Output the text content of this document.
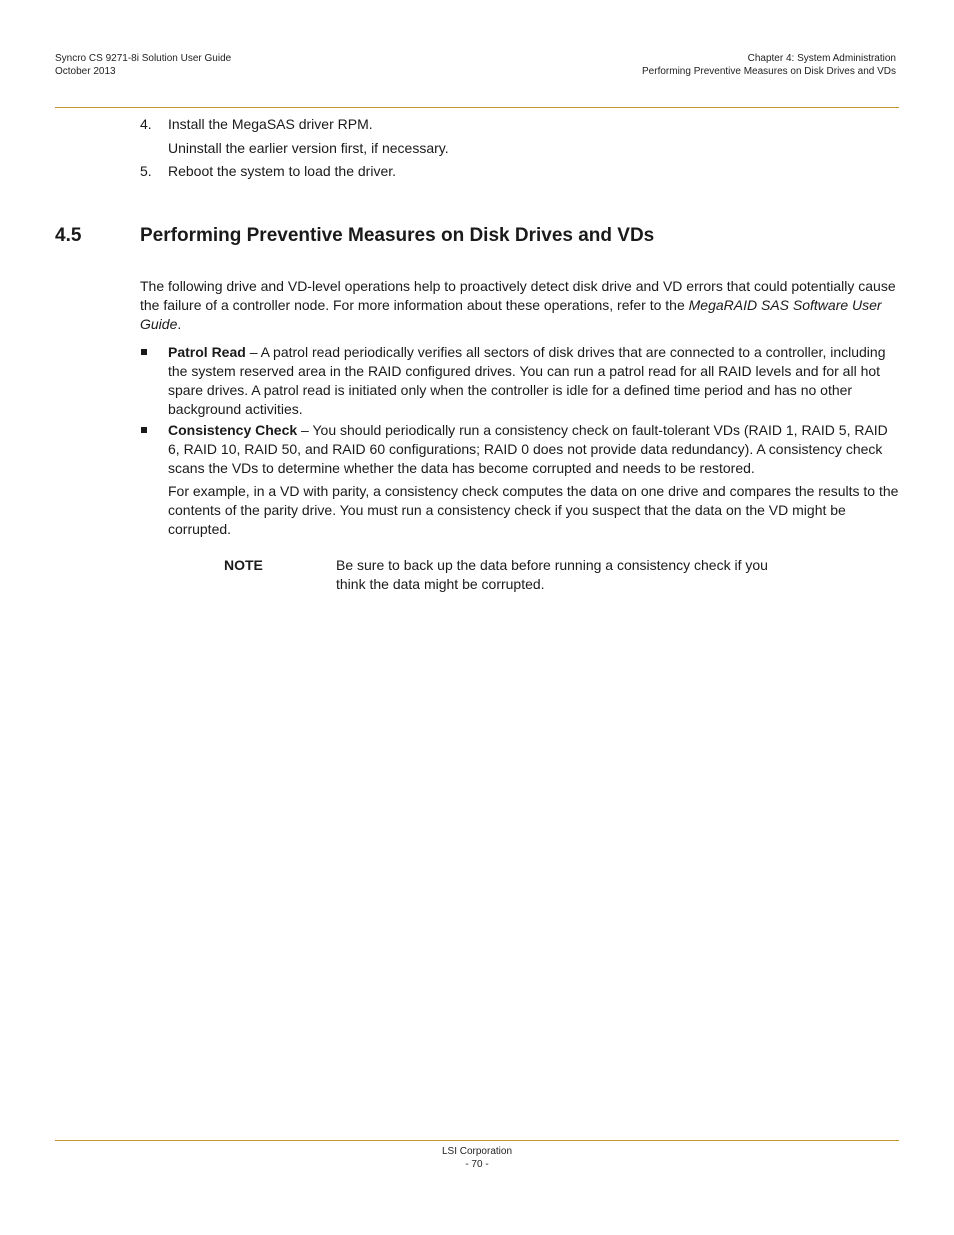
Syncro CS 9271-8i Solution User Guide
October 2013
Chapter 4: System Administration
Performing Preventive Measures on Disk Drives and VDs
4. Install the MegaSAS driver RPM.
Uninstall the earlier version first, if necessary.
5. Reboot the system to load the driver.
4.5	Performing Preventive Measures on Disk Drives and VDs
The following drive and VD-level operations help to proactively detect disk drive and VD errors that could potentially cause the failure of a controller node. For more information about these operations, refer to the MegaRAID SAS Software User Guide.
Patrol Read – A patrol read periodically verifies all sectors of disk drives that are connected to a controller, including the system reserved area in the RAID configured drives. You can run a patrol read for all RAID levels and for all hot spare drives. A patrol read is initiated only when the controller is idle for a defined time period and has no other background activities.
Consistency Check – You should periodically run a consistency check on fault-tolerant VDs (RAID 1, RAID 5, RAID 6, RAID 10, RAID 50, and RAID 60 configurations; RAID 0 does not provide data redundancy). A consistency check scans the VDs to determine whether the data has become corrupted and needs to be restored.
For example, in a VD with parity, a consistency check computes the data on one drive and compares the results to the contents of the parity drive. You must run a consistency check if you suspect that the data on the VD might be corrupted.
NOTE	Be sure to back up the data before running a consistency check if you think the data might be corrupted.
LSI Corporation
- 70 -
